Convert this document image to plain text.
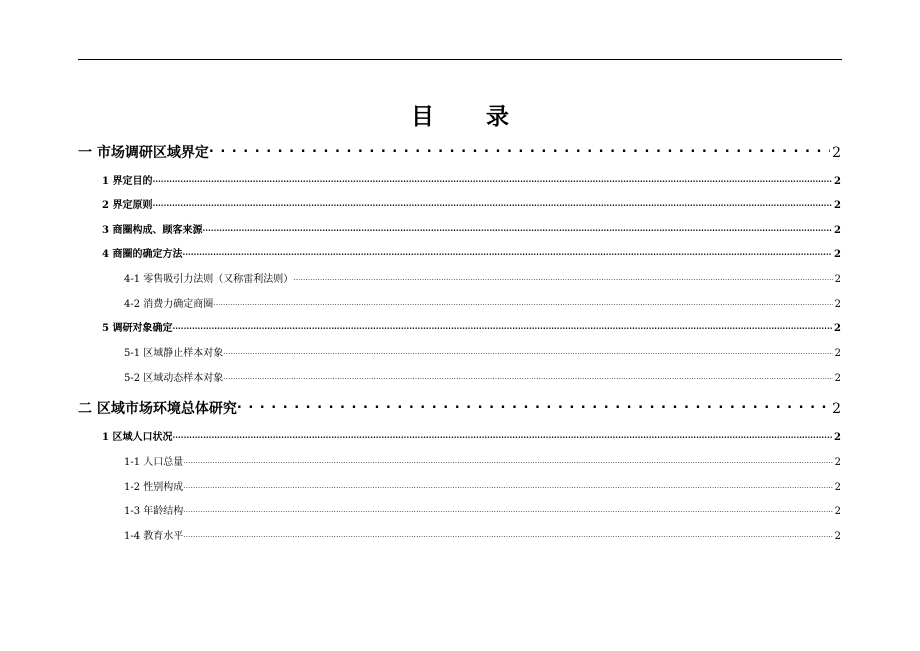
目 录
一 市场调研区域界定 . . .	2
1 界定目的 .....	2
2 界定原则 .....	2
3 商圈构成、顾客来源 .....	2
4 商圈的确定方法 .....	2
4-1 零售吸引力法则（又称雷利法则） .....	2
4-2 消费力确定商圈 .....	2
5 调研对象确定 .....	2
5-1 区域静止样本对象 .....	2
5-2 区域动态样本对象 .....	2
二 区域市场环境总体研究 . . .	2
1 区域人口状况 .....	2
1-1 人口总量 .....	2
1-2 性别构成 .....	2
1-3 年龄结构 .....	2
1-4 教育水平 .....	2
